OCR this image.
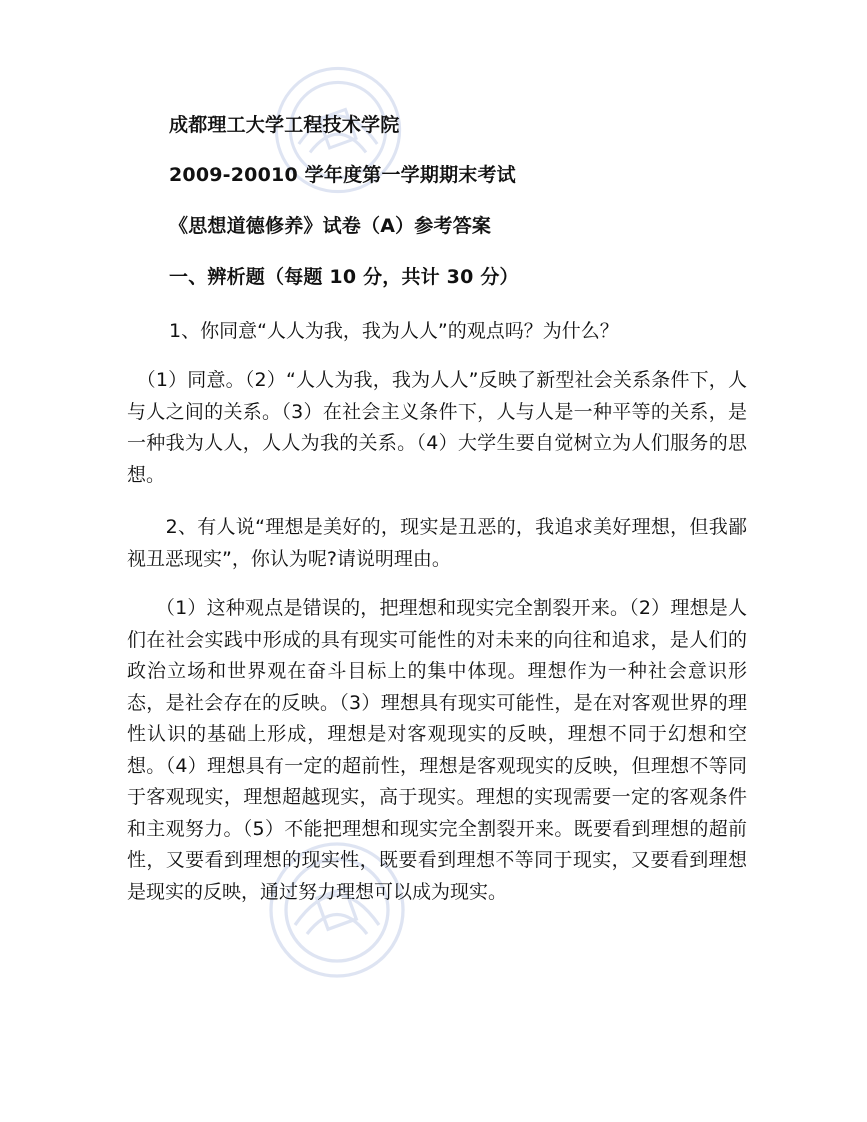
成都理工大学工程技术学院
2009-20010 学年度第一学期期末考试
《思想道德修养》试卷（A）参考答案
一、辨析题（每题 10 分，共计 30 分）
1、你同意“人人为我，我为人人”的观点吗？为什么？
　（1）同意。（2）“人人为我，我为人人”反映了新型社会关系条件下，人与人之间的关系。（3）在社会主义条件下，人与人是一种平等的关系，是一种我为人人，人人为我的关系。（4）大学生要自觉树立为人们服务的思想。
　　2、有人说“理想是美好的，现实是丑恶的，我追求美好理想，但我鄙视丑恶现实”，你认为呢?请说明理由。
　　（1）这种观点是错误的，把理想和现实完全割裂开来。（2）理想是人们在社会实践中形成的具有现实可能性的对未来的向往和追求，是人们的政治立场和世界观在奋斗目标上的集中体现。理想作为一种社会意识形态，是社会存在的反映。（3）理想具有现实可能性，是在对客观世界的理性认识的基础上形成，理想是对客观现实的反映，理想不同于幻想和空想。（4）理想具有一定的超前性，理想是客观现实的反映，但理想不等同于客观现实，理想超越现实，高于现实。理想的实现需要一定的客观条件和主观努力。（5）不能把理想和现实完全割裂开来。既要看到理想的超前性，又要看到理想的现实性，既要看到理想不等同于现实，又要看到理想是现实的反映，通过努力理想可以成为现实。
